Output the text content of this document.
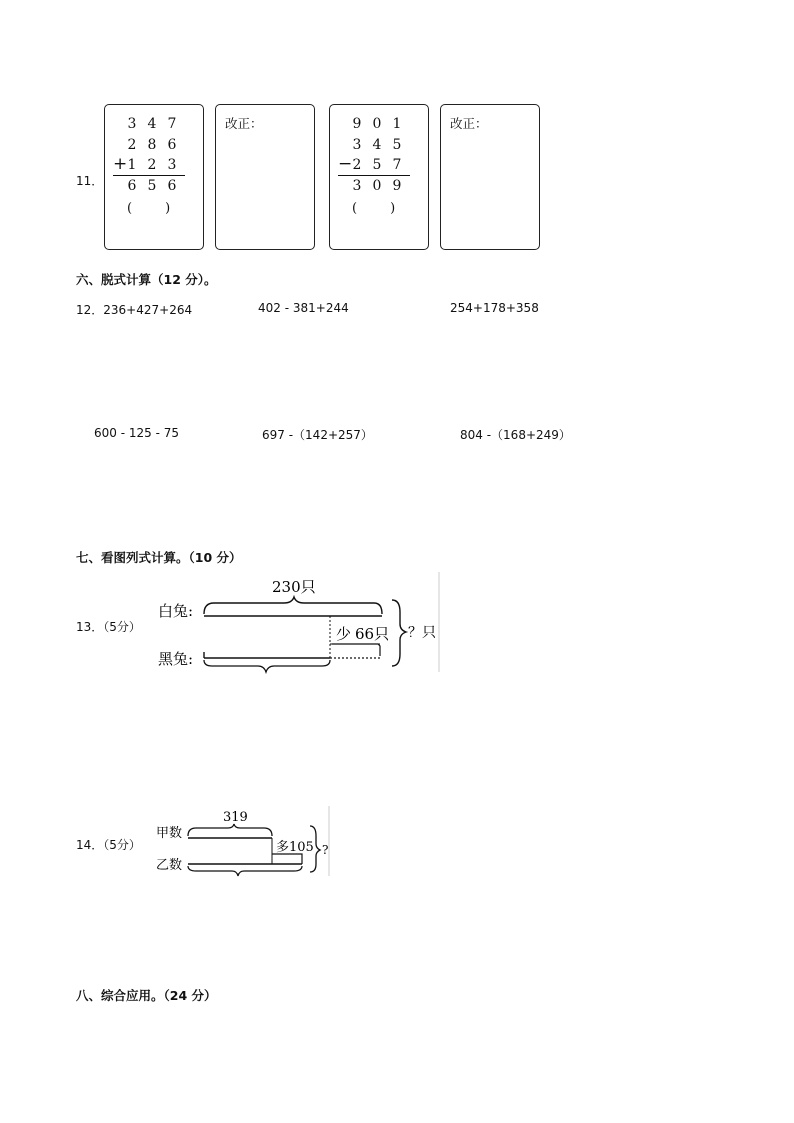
11．
3 4 7
2 8 6
+ 1 2 3
6 5 6
(        )
改正：	9 0 1
3 4 5
− 2 5 7
3 0 9
(        )
改正：
六、脱式计算（12 分）。
12．236+427+264	402 - 381+244	254+178+358
600 - 125 - 75	697 -（142+257）	804 -（168+249）
七、看图列式计算。（10 分）
13．（5分）
230只
白兔:
黑兔:
少 66只 ？只
14．（5分）
319
甲数
乙数
多 105 ?
八、综合应用。（24 分）
